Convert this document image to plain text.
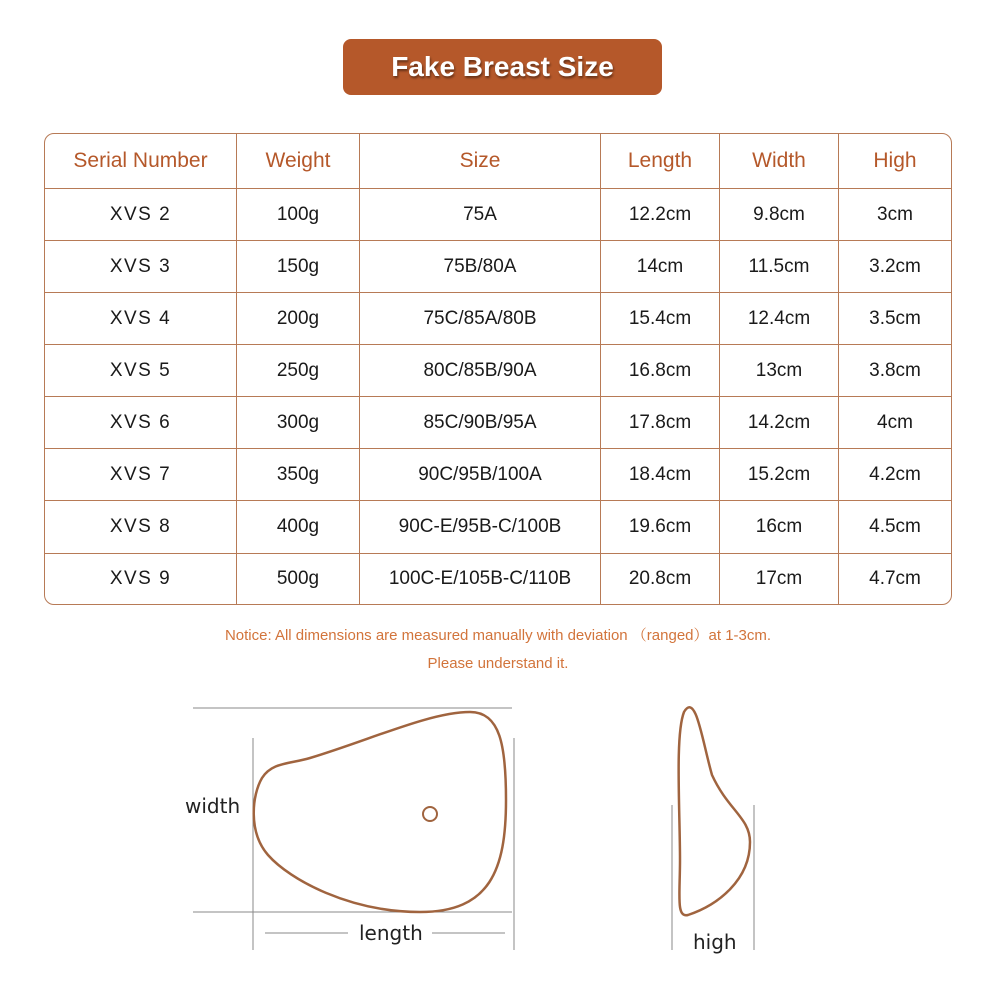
Fake Breast Size
Serial Number	Weight	Size	Length	Width	High
XVS 2	100g	75A	12.2cm	9.8cm	3cm
XVS 3	150g	75B/80A	14cm	11.5cm	3.2cm
XVS 4	200g	75C/85A/80B	15.4cm	12.4cm	3.5cm
XVS 5	250g	80C/85B/90A	16.8cm	13cm	3.8cm
XVS 6	300g	85C/90B/95A	17.8cm	14.2cm	4cm
XVS 7	350g	90C/95B/100A	18.4cm	15.2cm	4.2cm
XVS 8	400g	90C-E/95B-C/100B	19.6cm	16cm	4.5cm
XVS 9	500g	100C-E/105B-C/110B	20.8cm	17cm	4.7cm
Notice: All dimensions are measured manually with deviation （ranged）at 1-3cm.
Please understand it.
width
length	high
